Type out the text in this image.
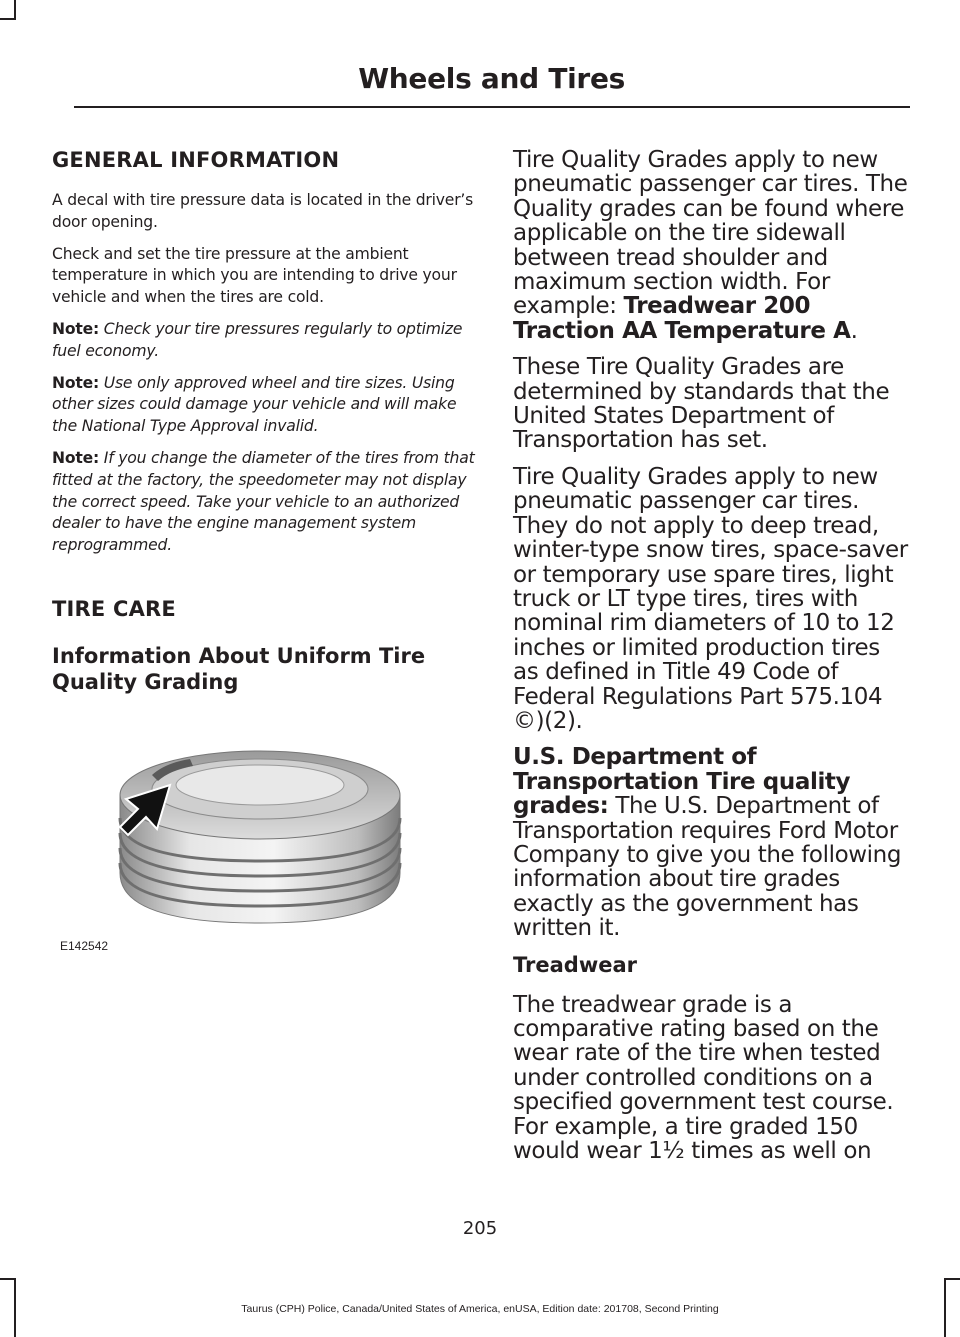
Wheels and Tires
GENERAL INFORMATION

A decal with tire pressure data is located in the driver’s door opening.

Check and set the tire pressure at the ambient temperature in which you are intending to drive your vehicle and when the tires are cold.

Note: Check your tire pressures regularly to optimize fuel economy.

Note: Use only approved wheel and tire sizes. Using other sizes could damage your vehicle and will make the National Type Approval invalid.

Note: If you change the diameter of the tires from that fitted at the factory, the speedometer may not display the correct speed. Take your vehicle to an authorized dealer to have the engine management system reprogrammed.

TIRE CARE
Information About Uniform Tire Quality Grading
E142542

Tire Quality Grades apply to new pneumatic passenger car tires. The Quality grades can be found where applicable on the tire sidewall between tread shoulder and maximum section width. For example: Treadwear 200 Traction AA Temperature A.

These Tire Quality Grades are determined by standards that the United States Department of Transportation has set.

Tire Quality Grades apply to new pneumatic passenger car tires. They do not apply to deep tread, winter-type snow tires, space-saver or temporary use spare tires, light truck or LT type tires, tires with nominal rim diameters of 10 to 12 inches or limited production tires as defined in Title 49 Code of Federal Regulations Part 575.104 ©)(2).

U.S. Department of Transportation Tire quality grades: The U.S. Department of Transportation requires Ford Motor Company to give you the following information about tire grades exactly as the government has written it.

Treadwear

The treadwear grade is a comparative rating based on the wear rate of the tire when tested under controlled conditions on a specified government test course. For example, a tire graded 150 would wear 1½ times as well on

205
Taurus (CPH) Police, Canada/United States of America, enUSA, Edition date: 201708, Second Printing
